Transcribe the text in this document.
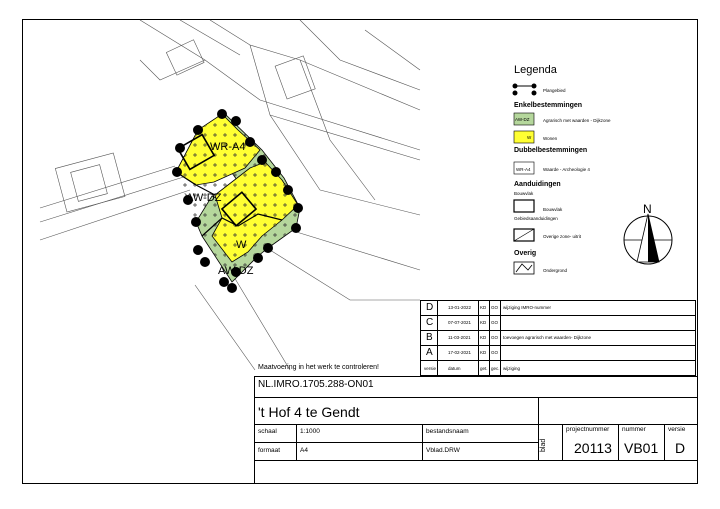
WR-A4
AW-DZ
W
AW-DZ
N
Legenda
Plangebied
Enkelbestemmingen
AW-DZ	Agrarisch met waarden - Dijkzone
W	Wonen
Dubbelbestemmingen
WR-A4	Waarde - Archeologie 4
Aanduidingen
Bouwvlak
Bouwvlak
Gebiedsaanduidingen
Overige zone- uitrit
Overig
Ondergrond
D	13-01-2022 KD GO wijziging IMRO-nummer
C	07-07-2021 KD GO
B	11-03-2021 KD GO toevoegen agrarisch met waarden- Dijkzone
A	17-02-2021 KD GO
versie	datum	get. gec. wijziging
Maatvoering in het werk te controleren!
NL.IMRO.1705.288-ON01
't Hof 4 te Gendt
schaal	1:1000	bestandsnaam
formaat	A4	Vblad.DRW	blad
projectnummer
20113
nummer
VB01
versie
D
